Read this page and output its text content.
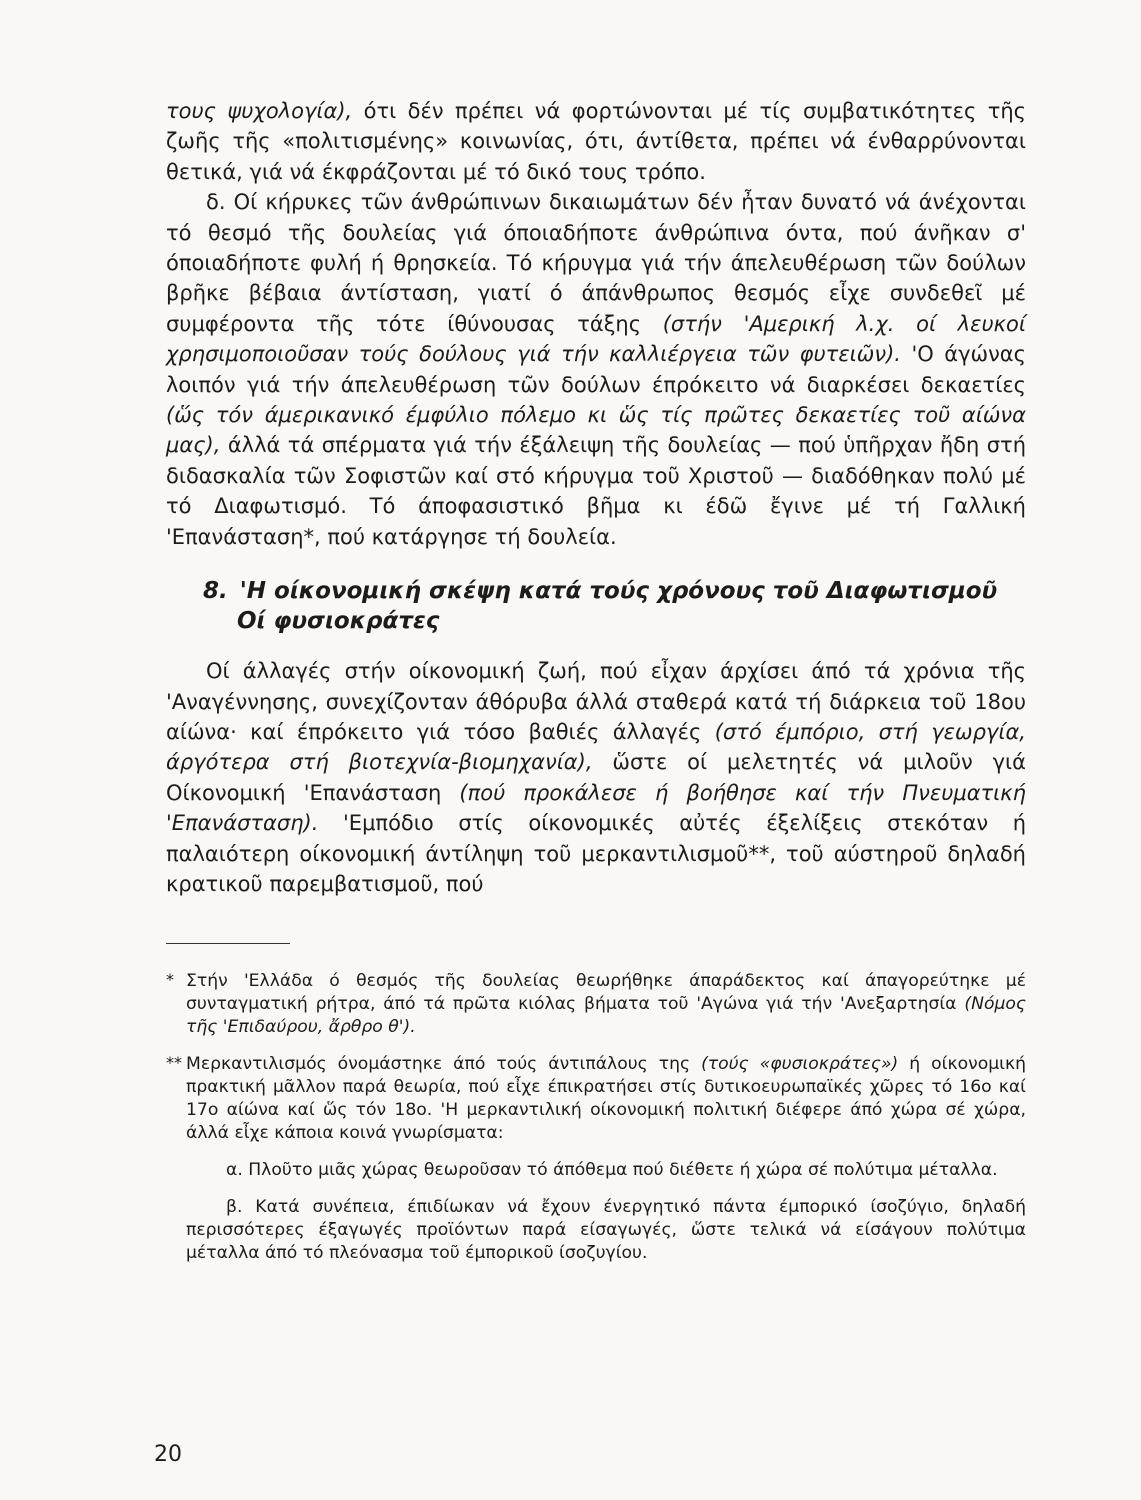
τους ψυχολογία), ότι δέν πρέπει νά φορτώνονται μέ τίς συμβατικότητες τῆς ζωῆς τῆς «πολιτισμένης» κοινωνίας, ότι, άντίθετα, πρέπει νά ένθαρρύνονται θετικά, γιά νά έκφράζονται μέ τό δικό τους τρόπο.

δ. Οί κήρυκες τῶν άνθρώπινων δικαιωμάτων δέν ἦταν δυνατό νά άνέχονται τό θεσμό τῆς δουλείας γιά όποιαδήποτε άνθρώπινα όντα, πού άνῆκαν σ' όποιαδήποτε φυλή ή θρησκεία. Τό κήρυγμα γιά τήν άπελευθέρωση τῶν δούλων βρῆκε βέβαια άντίσταση, γιατί ό άπάνθρωπος θεσμός εἶχε συνδεθεῖ μέ συμφέροντα τῆς τότε ίθύνουσας τάξης (στήν 'Αμερική λ.χ. οί λευκοί χρησιμοποιοῦσαν τούς δούλους γιά τήν καλλιέργεια τῶν φυτειῶν). 'Ο άγώνας λοιπόν γιά τήν άπελευθέρωση τῶν δούλων έπρόκειτο νά διαρκέσει δεκαετίες (ὥς τόν άμερικανικό έμφύλιο πόλεμο κι ὥς τίς πρῶτες δεκαετίες τοῦ αίώνα μας), άλλά τά σπέρματα γιά τήν έξάλειψη τῆς δουλείας — πού ὑπῆρχαν ἤδη στή διδασκαλία τῶν Σοφιστῶν καί στό κήρυγμα τοῦ Χριστοῦ — διαδόθηκαν πολύ μέ τό Διαφωτισμό. Τό άποφασιστικό βῆμα κι έδῶ ἔγινε μέ τή Γαλλική 'Επανάσταση*, πού κατάργησε τή δουλεία.

8. 'Η οίκονομική σκέψη κατά τούς χρόνους τοῦ Διαφωτισμοῦ
Οί φυσιοκράτες

Οί άλλαγές στήν οίκονομική ζωή, πού εἶχαν άρχίσει άπό τά χρόνια τῆς 'Αναγέννησης, συνεχίζονταν άθόρυβα άλλά σταθερά κατά τή διάρκεια τοῦ 18ου αίώνα· καί έπρόκειτο γιά τόσο βαθιές άλλαγές (στό έμπόριο, στή γεωργία, άργότερα στή βιοτεχνία-βιομηχανία), ὥστε οί μελετητές νά μιλοῦν γιά Οίκονομική 'Επανάσταση (πού προκάλεσε ή βοήθησε καί τήν Πνευματική 'Επανάσταση). 'Εμπόδιο στίς οίκονομικές αὐτές έξελίξεις στεκόταν ή παλαιότερη οίκονομική άντίληψη τοῦ μερκαντιλισμοῦ**, τοῦ αύστηροῦ δηλαδή κρατικοῦ παρεμβατισμοῦ, πού

* Στήν 'Ελλάδα ό θεσμός τῆς δουλείας θεωρήθηκε άπαράδεκτος καί άπαγορεύτηκε μέ συνταγματική ρήτρα, άπό τά πρῶτα κιόλας βήματα τοῦ 'Αγώνα γιά τήν 'Ανεξαρτησία (Νόμος τῆς 'Επιδαύρου, ἄρθρο θ').

** Μερκαντιλισμός όνομάστηκε άπό τούς άντιπάλους της (τούς «φυσιοκράτες») ή οίκονομική πρακτική μᾶλλον παρά θεωρία, πού εἶχε έπικρατήσει στίς δυτικοευρωπαϊκές χῶρες τό 16ο καί 17ο αίώνα καί ὥς τόν 18ο. 'Η μερκαντιλική οίκονομική πολιτική διέφερε άπό χώρα σέ χώρα, άλλά εἶχε κάποια κοινά γνωρίσματα:

α. Πλοῦτο μιᾶς χώρας θεωροῦσαν τό άπόθεμα πού διέθετε ή χώρα σέ πολύτιμα μέταλλα.

β. Κατά συνέπεια, έπιδίωκαν νά ἔχουν ένεργητικό πάντα έμπορικό ίσοζύγιο, δηλαδή περισσότερες έξαγωγές προϊόντων παρά είσαγωγές, ὥστε τελικά νά είσάγουν πολύτιμα μέταλλα άπό τό πλεόνασμα τοῦ έμπορικοῦ ίσοζυγίου.

20
